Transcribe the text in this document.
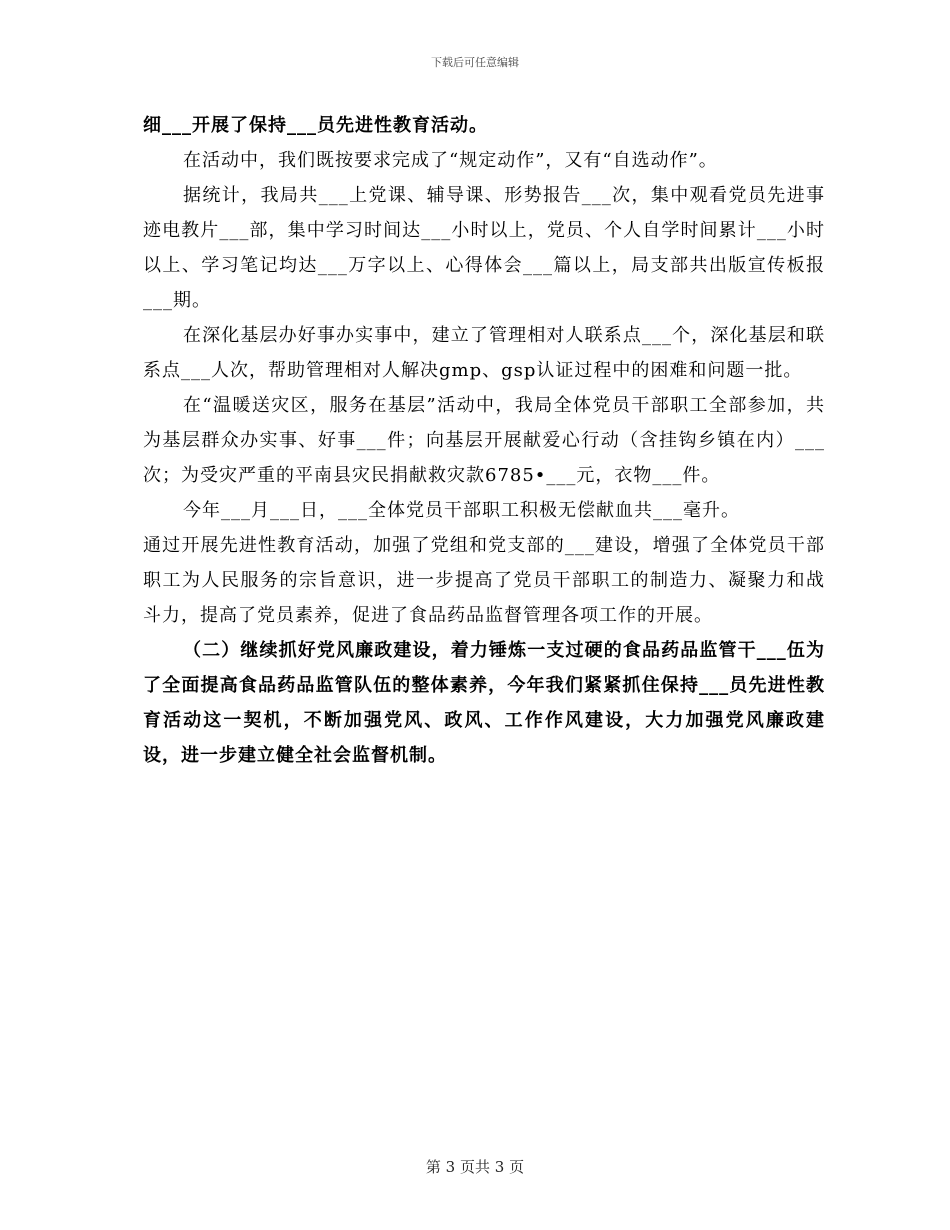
下载后可任意编辑

细___开展了保持___员先进性教育活动。

在活动中，我们既按要求完成了“规定动作”，又有“自选动作”。

据统计，我局共___上党课、辅导课、形势报告___次，集中观看党员先进事迹电教片___部，集中学习时间达___小时以上，党员、个人自学时间累计___小时以上、学习笔记均达___万字以上、心得体会___篇以上，局支部共出版宣传板报___期。

在深化基层办好事办实事中，建立了管理相对人联系点___个，深化基层和联系点___人次，帮助管理相对人解决gmp、gsp认证过程中的困难和问题一批。

在“温暖送灾区，服务在基层”活动中，我局全体党员干部职工全部参加，共为基层群众办实事、好事___件；向基层开展献爱心行动（含挂钩乡镇在内）___次；为受灾严重的平南县灾民捐献救灾款6785•___元，衣物___件。

今年___月___日，___全体党员干部职工积极无偿献血共___毫升。

通过开展先进性教育活动，加强了党组和党支部的___建设，增强了全体党员干部职工为人民服务的宗旨意识，进一步提高了党员干部职工的制造力、凝聚力和战斗力，提高了党员素养，促进了食品药品监督管理各项工作的开展。

（二）继续抓好党风廉政建设，着力锤炼一支过硬的食品药品监管干___伍为了全面提高食品药品监管队伍的整体素养，今年我们紧紧抓住保持___员先进性教育活动这一契机，不断加强党风、政风、工作作风建设，大力加强党风廉政建设，进一步建立健全社会监督机制。

第 3 页共 3 页
